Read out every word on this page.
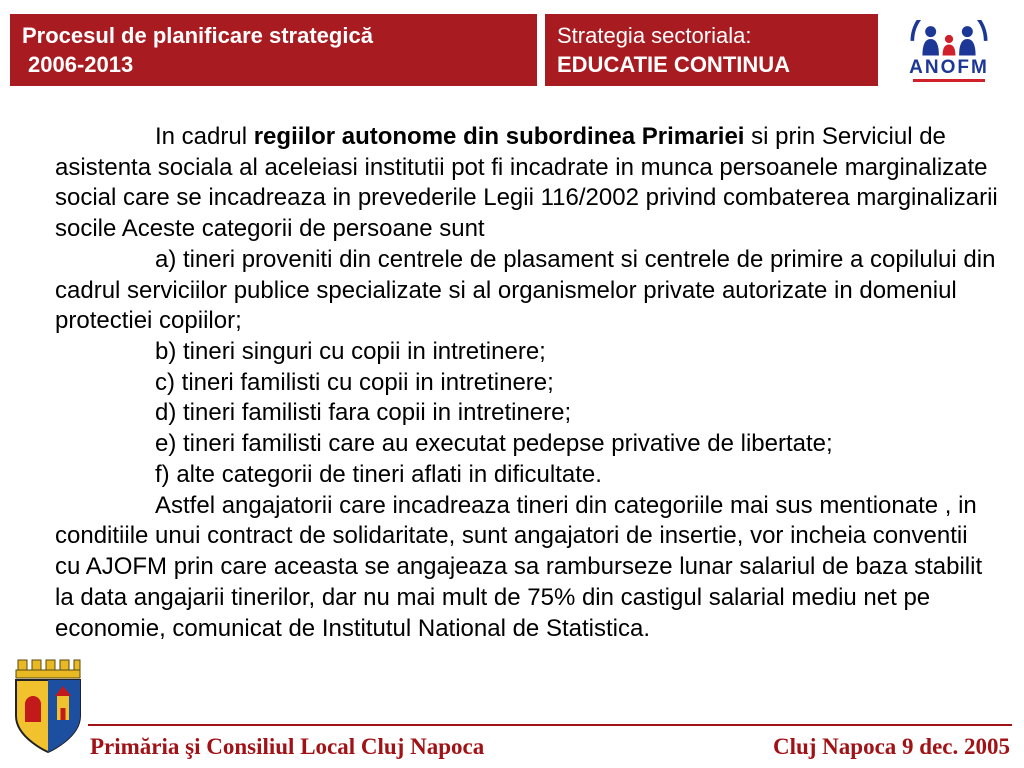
Procesul de planificare strategică
2006-2013
Strategia sectoriala:
EDUCATIE CONTINUA	ANOFM

In cadrul regiilor autonome din subordinea Primariei si prin Serviciul de asistenta sociala al aceleiasi institutii pot fi incadrate in munca persoanele marginalizate social care se incadreaza in prevederile Legii 116/2002 privind combaterea marginalizarii socile Aceste categorii de persoane sunt

a) tineri proveniti din centrele de plasament si centrele de primire a copilului din cadrul serviciilor publice specializate si al organismelor private autorizate in domeniul protectiei copiilor;

b) tineri singuri cu copii in intretinere;

c) tineri familisti cu copii in intretinere;

d) tineri familisti fara copii in intretinere;

e) tineri familisti care au executat pedepse privative de libertate;

f) alte categorii de tineri aflati in dificultate.

Astfel angajatorii care incadreaza tineri din categoriile mai sus mentionate , in conditiile unui contract de solidaritate, sunt angajatori de insertie, vor incheia conventii cu AJOFM prin care aceasta se angajeaza sa ramburseze lunar salariul de baza stabilit la data angajarii tinerilor, dar nu mai mult de 75% din castigul salarial mediu net pe economie, comunicat de Institutul National de Statistica.

Primăria şi Consiliul Local Cluj Napoca	Cluj Napoca 9 dec. 2005
